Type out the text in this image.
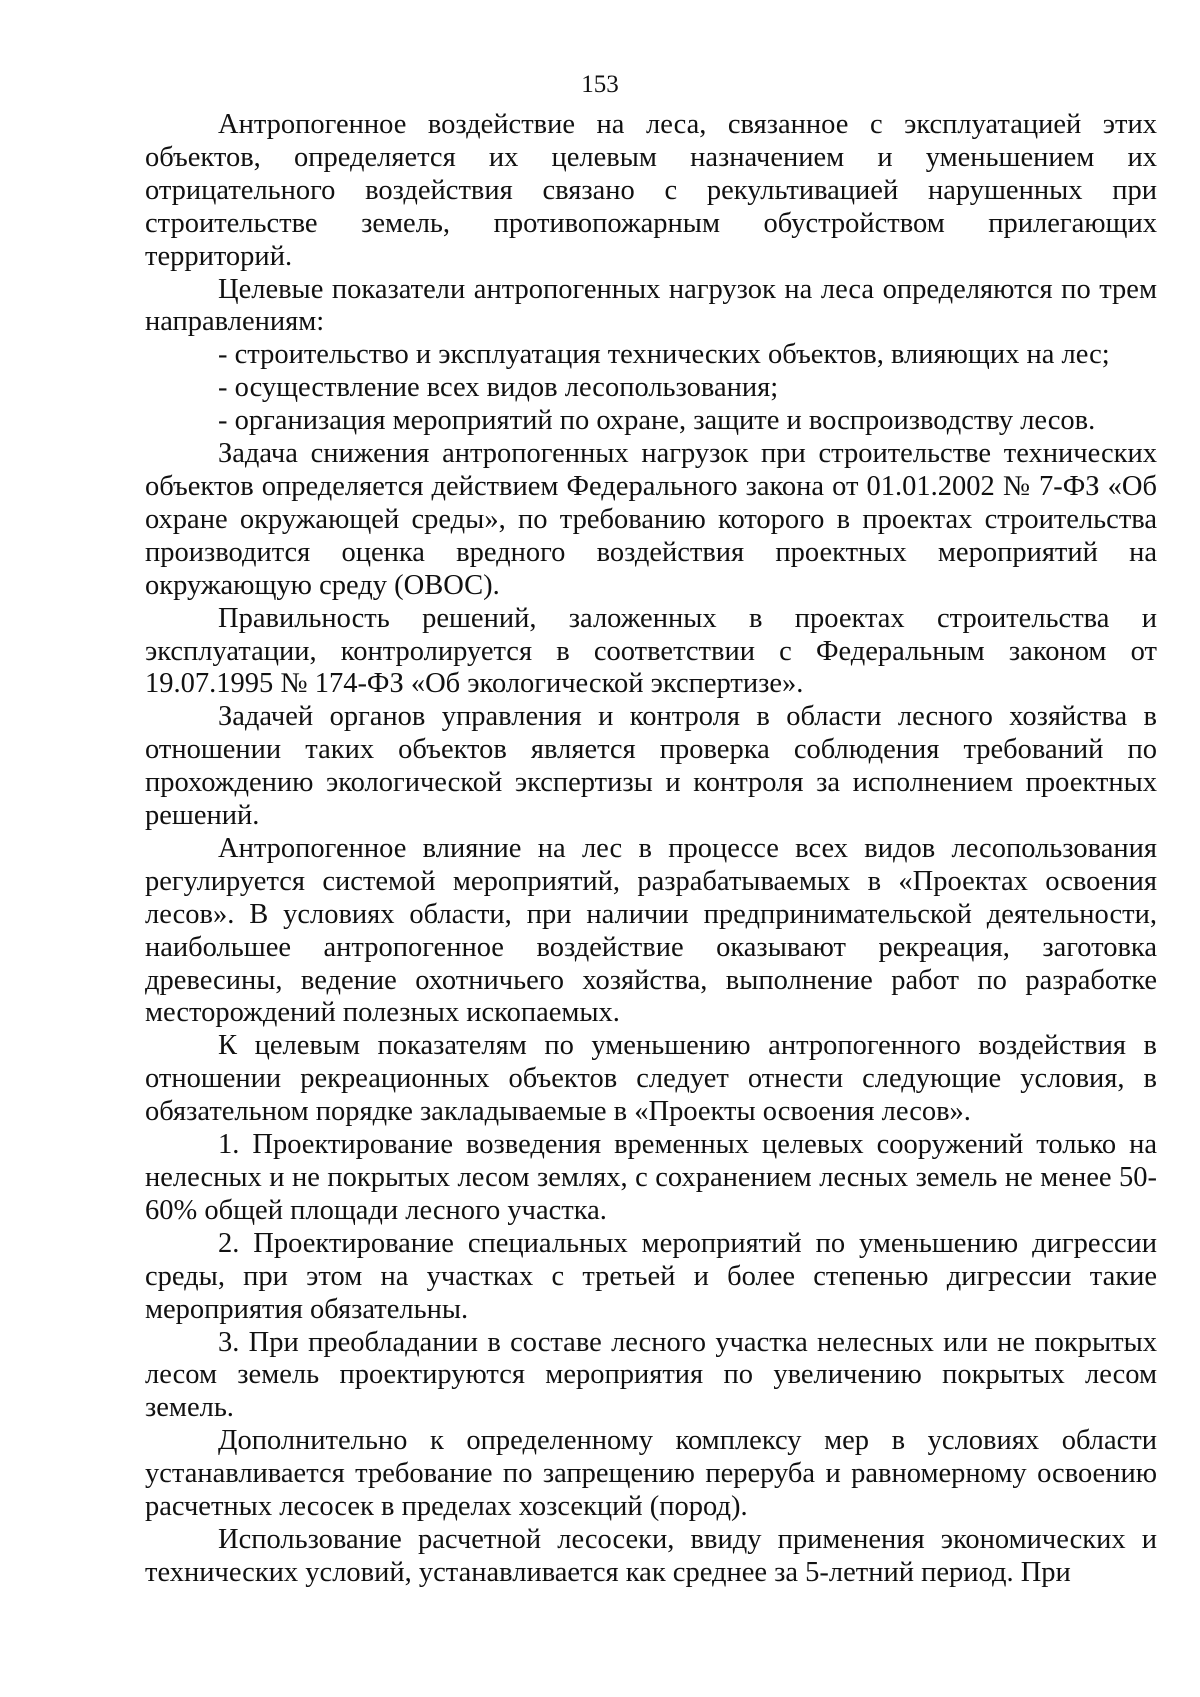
153

Антропогенное воздействие на леса, связанное с эксплуатацией этих объектов, определяется их целевым назначением и уменьшением их отрицательного воздействия связано с рекультивацией нарушенных при строительстве земель, противопожарным обустройством прилегающих территорий.

Целевые показатели антропогенных нагрузок на леса определяются по трем направлениям:

- строительство и эксплуатация технических объектов, влияющих на лес;

- осуществление всех видов лесопользования;

- организация мероприятий по охране, защите и воспроизводству лесов.

Задача снижения антропогенных нагрузок при строительстве технических объектов определяется действием Федерального закона от 01.01.2002 № 7-ФЗ «Об охране окружающей среды», по требованию которого в проектах строительства производится оценка вредного воздействия проектных мероприятий на окружающую среду (ОВОС).

Правильность решений, заложенных в проектах строительства и эксплуатации, контролируется в соответствии с Федеральным законом от 19.07.1995 № 174-ФЗ «Об экологической экспертизе».

Задачей органов управления и контроля в области лесного хозяйства в отношении таких объектов является проверка соблюдения требований по прохождению экологической экспертизы и контроля за исполнением проектных решений.

Антропогенное влияние на лес в процессе всех видов лесопользования регулируется системой мероприятий, разрабатываемых в «Проектах освоения лесов». В условиях области, при наличии предпринимательской деятельности, наибольшее антропогенное воздействие оказывают рекреация, заготовка древесины, ведение охотничьего хозяйства, выполнение работ по разработке месторождений полезных ископаемых.

К целевым показателям по уменьшению антропогенного воздействия в отношении рекреационных объектов следует отнести следующие условия, в обязательном порядке закладываемые в «Проекты освоения лесов».

1. Проектирование возведения временных целевых сооружений только на нелесных и не покрытых лесом землях, с сохранением лесных земель не менее 50-60% общей площади лесного участка.

2. Проектирование специальных мероприятий по уменьшению дигрессии среды, при этом на участках с третьей и более степенью дигрессии такие мероприятия обязательны.

3. При преобладании в составе лесного участка нелесных или не покрытых лесом земель проектируются мероприятия по увеличению покрытых лесом земель.

Дополнительно к определенному комплексу мер в условиях области устанавливается требование по запрещению переруба и равномерному освоению расчетных лесосек в пределах хозсекций (пород).

Использование расчетной лесосеки, ввиду применения экономических и технических условий, устанавливается как среднее за 5-летний период. При
